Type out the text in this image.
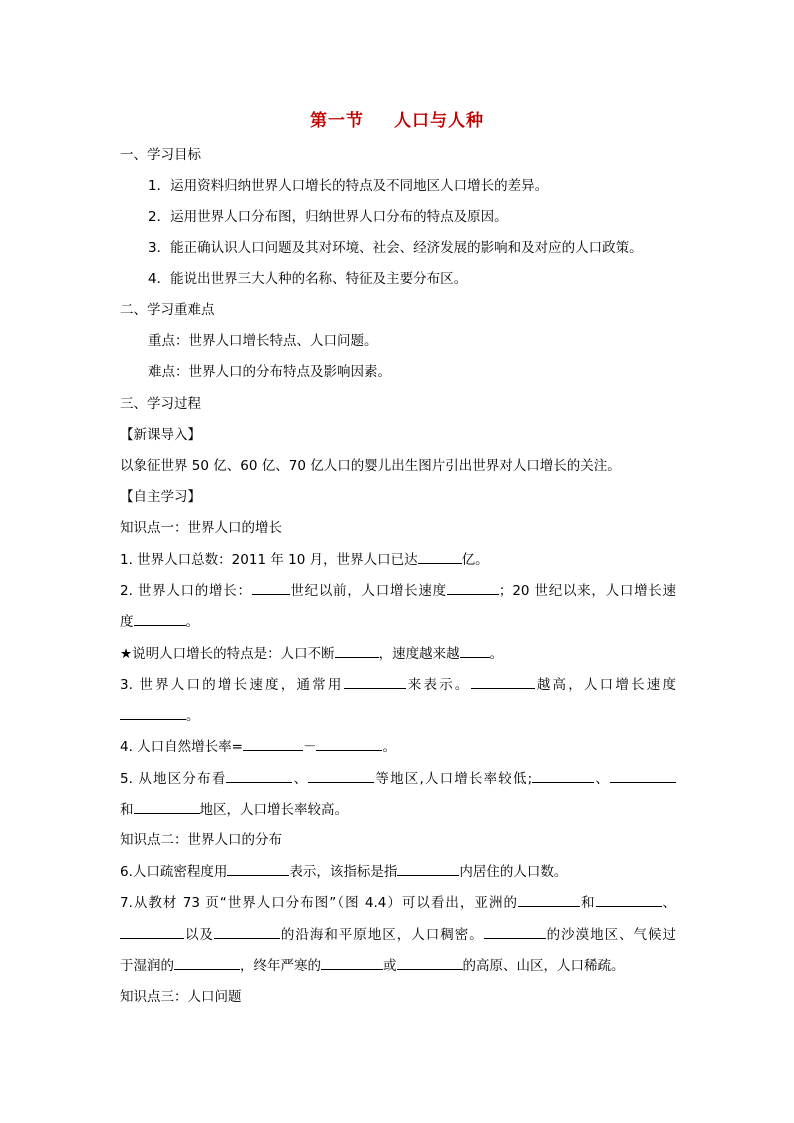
第一节 人口与人种
一、学习目标
1．运用资料归纳世界人口增长的特点及不同地区人口增长的差异。
2．运用世界人口分布图，归纳世界人口分布的特点及原因。
3．能正确认识人口问题及其对环境、社会、经济发展的影响和及对应的人口政策。
4．能说出世界三大人种的名称、特征及主要分布区。
二、学习重难点
重点：世界人口增长特点、人口问题。
难点：世界人口的分布特点及影响因素。
三、学习过程
【新课导入】
以象征世界 50 亿、60 亿、70 亿人口的婴儿出生图片引出世界对人口增长的关注。
【自主学习】
知识点一：世界人口的增长
1. 世界人口总数：2011 年 10 月，世界人口已达	亿。
2. 世界人口的增长：	世纪以前，人口增长速度	；20 世纪以来，人口增长速
度	。
★说明人口增长的特点是：人口不断	，速度越来越 。
3. 世界人口的增长速度，通常用	来表示。	越高，人口增长速度
。
4. 人口自然增长率=	－	。
5. 从地区分布看	、	等地区,人口增长率较低;	、
和	地区，人口增长率较高。
知识点二：世界人口的分布
6.人口疏密程度用	表示，该指标是指	内居住的人口数。
7.从教材 73 页“世界人口分布图”（图 4.4）可以看出，亚洲的	和	、
以及	的沿海和平原地区，人口稠密。	的沙漠地区、气候过
于湿润的	，终年严寒的	或	的高原、山区，人口稀疏。
知识点三：人口问题
